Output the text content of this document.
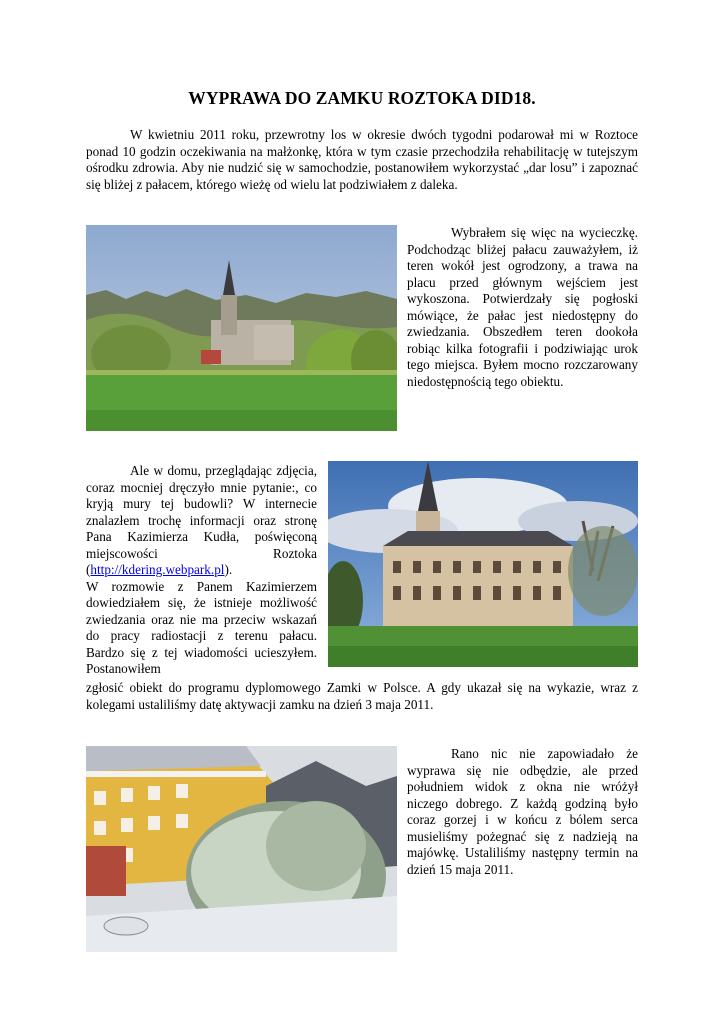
WYPRAWA DO ZAMKU ROZTOKA DID18.
W kwietniu 2011 roku, przewrotny los w okresie dwóch tygodni podarował mi w Roztoce ponad 10 godzin oczekiwania na małżonkę, która w tym czasie przechodziła rehabilitację w tutejszym ośrodku zdrowia. Aby nie nudzić się w samochodzie, postanowiłem wykorzystać „dar losu” i zapoznać się bliżej z pałacem, którego wieżę od wielu lat podziwiałem z daleka.
Wybrałem się więc na wycieczkę. Podchodząc bliżej pałacu zauważyłem, iż teren wokół jest ogrodzony, a trawa na placu przed głównym wejściem jest wykoszona. Potwierdzały się pogłoski mówiące, że pałac jest niedostępny do zwiedzania. Obszedłem teren dookoła robiąc kilka fotografii i podziwiając urok tego miejsca. Byłem mocno rozczarowany niedostępnością tego obiektu.
Ale w domu, przeglądając zdjęcia, coraz mocniej dręczyło mnie pytanie:, co kryją mury tej budowli? W internecie znalazłem trochę informacji oraz stronę Pana Kazimierza Kudła, poświęconą miejscowości Roztoka (http://kdering.webpark.pl).
W rozmowie z Panem Kazimierzem dowiedziałem się, że istnieje możliwość zwiedzania oraz nie ma przeciw wskazań do pracy radiostacji z terenu pałacu. Bardzo się z tej wiadomości ucieszyłem. Postanowiłem
zgłosić obiekt do programu dyplomowego Zamki w Polsce. A gdy ukazał się na wykazie, wraz z kolegami ustaliliśmy datę aktywacji zamku na dzień 3 maja 2011.
Rano nic nie zapowiadało że wyprawa się nie odbędzie, ale przed południem widok z okna nie wróżył niczego dobrego. Z każdą godziną było coraz gorzej i w końcu z bólem serca musieliśmy pożegnać się z nadzieją na majówkę. Ustaliliśmy następny termin na dzień 15 maja 2011.
